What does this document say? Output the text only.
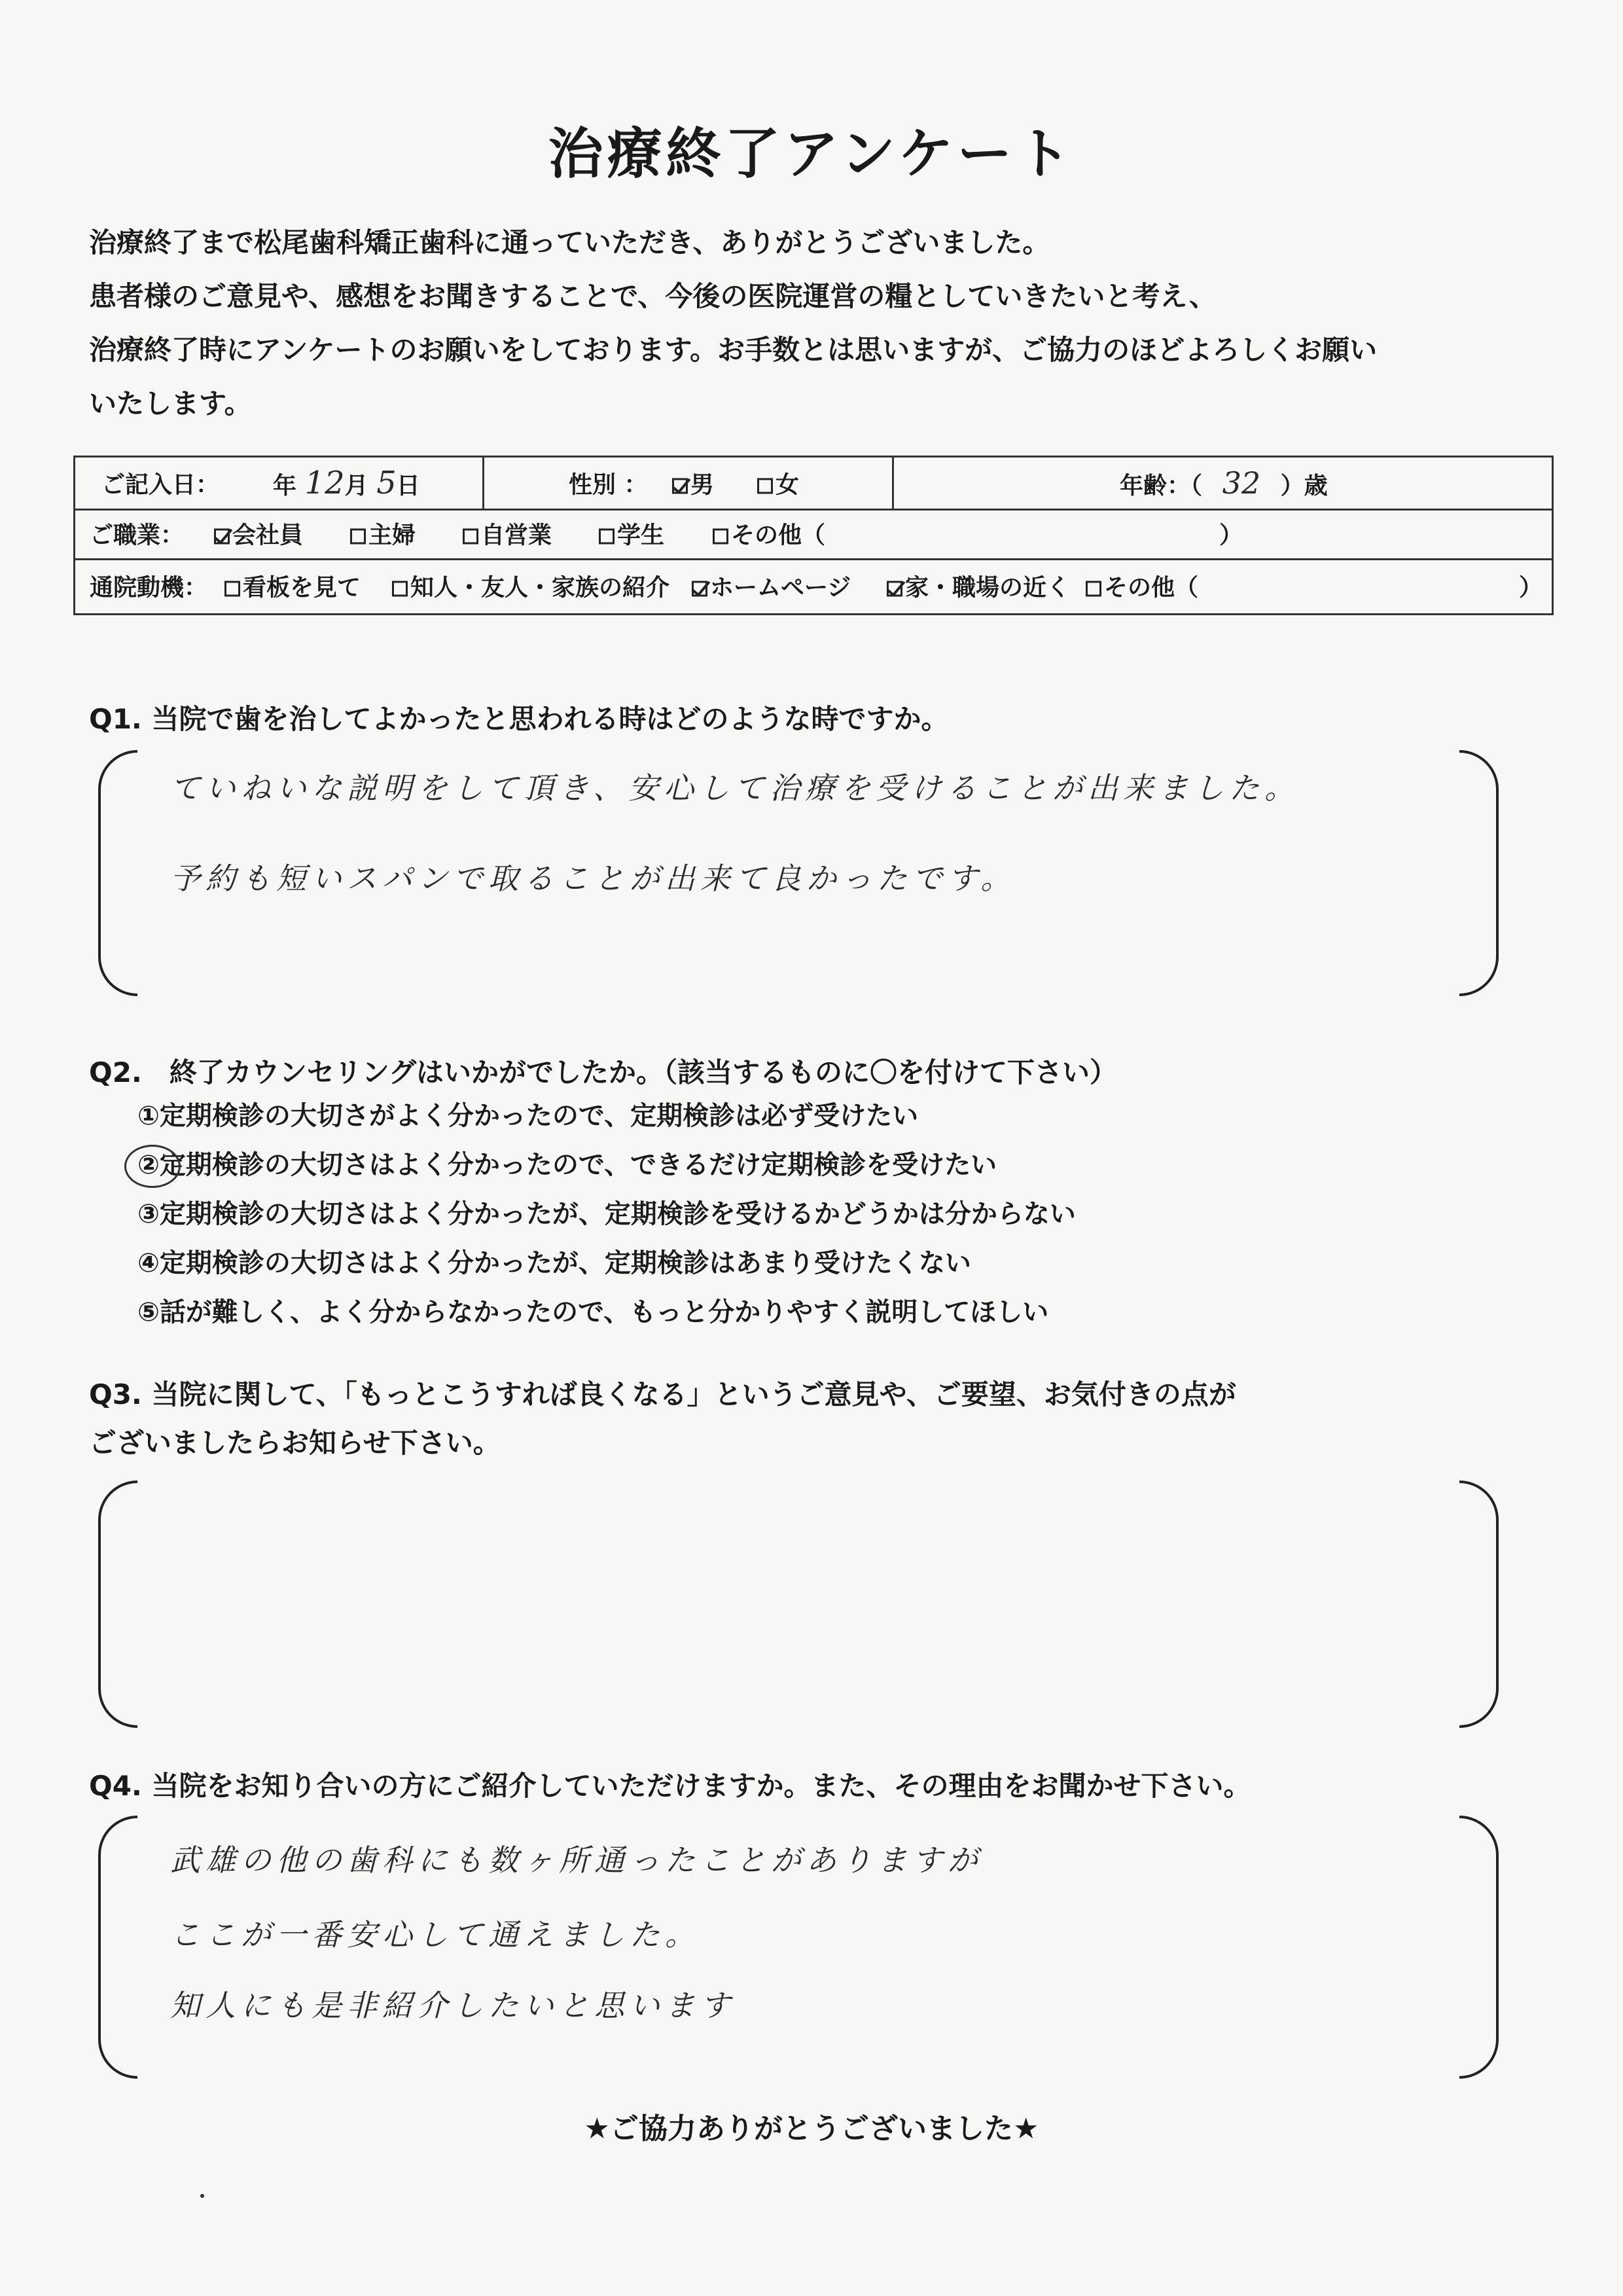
治療終了アンケート
治療終了まで松尾歯科矯正歯科に通っていただき、ありがとうございました。
患者様のご意見や、感想をお聞きすることで、今後の医院運営の糧としていきたいと考え、
治療終了時にアンケートのお願いをしております。お手数とは思いますが、ご協力のほどよろしくお願い
いたします。
ご記入日： 年 12月 5日	性別 ：	男	女	年齢：（ 32 ）歳
ご職業：	会社員	主婦	自営業	学生	その他（	）
通院動機：	看板を見て	知人・友人・家族の紹介	ホームページ	家・職場の近く	その他（	）
Q1. 当院で歯を治してよかったと思われる時はどのような時ですか。
ていねいな説明をして頂き、安心して治療を受けることが出来ました。
予約も短いスパンで取ることが出来て良かったです。
Q2.　終了カウンセリングはいかがでしたか。（該当するものに〇を付けて下さい）
①定期検診の大切さがよく分かったので、定期検診は必ず受けたい
②定期検診の大切さはよく分かったので、できるだけ定期検診を受けたい
③定期検診の大切さはよく分かったが、定期検診を受けるかどうかは分からない
④定期検診の大切さはよく分かったが、定期検診はあまり受けたくない
⑤話が難しく、よく分からなかったので、もっと分かりやすく説明してほしい
Q3. 当院に関して、「もっとこうすれば良くなる」というご意見や、ご要望、お気付きの点が
ございましたらお知らせ下さい。
Q4. 当院をお知り合いの方にご紹介していただけますか。また、その理由をお聞かせ下さい。
武雄の他の歯科にも数ヶ所通ったことがありますが
ここが一番安心して通えました。
知人にも是非紹介したいと思います
★ご協力ありがとうございました★
